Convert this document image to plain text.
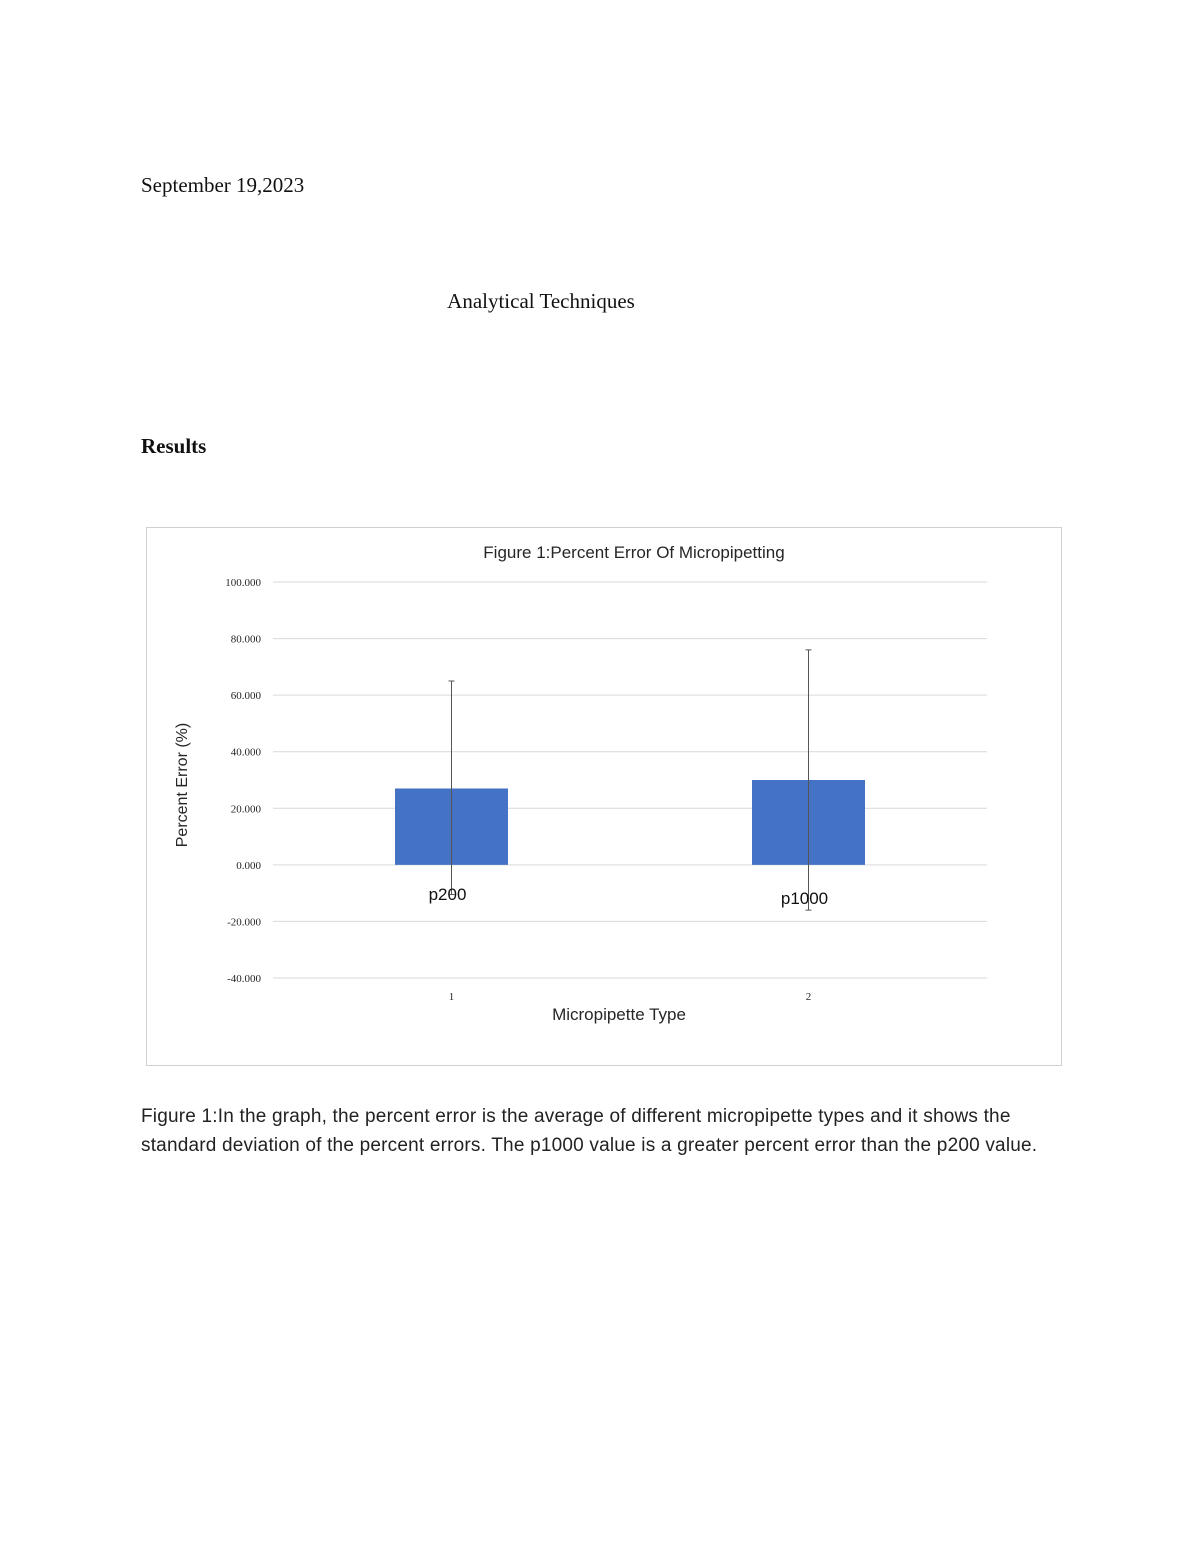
September 19,2023
Analytical Techniques
Results
Figure 1:Percent Error Of Micropipetting
100.000
80.000
60.000
40.000
20.000
0.000
-20.000
-40.000
Percent Error (%)
p200
1
p1000
2
Micropipette Type
Figure 1:In the graph, the percent error is the average of different micropipette types and it shows the standard deviation of the percent errors. The p1000 value is a greater percent error than the p200 value.
